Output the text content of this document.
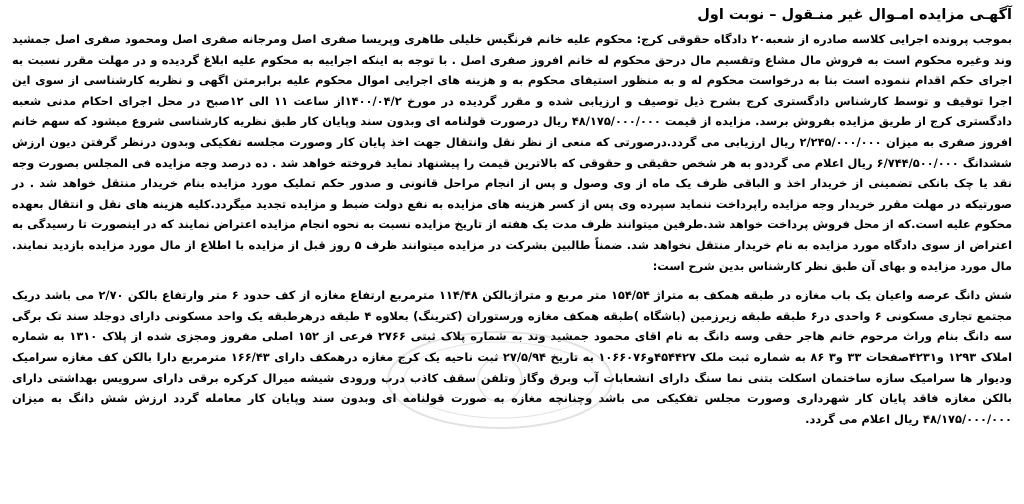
آگهـی مزایده امـوال غیر منـقول – نوبت اول

بموجب پرونده اجرایی کلاسه صادره از شعبه۲۰ دادگاه حقوقی کرج: محکوم علیه خانم فرنگیس خلیلی طاهری وپریسا صفری اصل ومرجانه صفری اصل ومحمود صفری اصل جمشید وند وغیره محکوم است به فروش مال مشاع وتقسیم مال درحق محکوم له خانم افروز صفری اصل . با توجه به اینکه اجراییه به محکوم علیه ابلاغ گردیده و در مهلت مقرر نسبت به اجرای حکم اقدام ننموده است بنا به درخواست محکوم له و به منظور استیفای محکوم به و هزینه های اجرایی اموال محکوم علیه برابرمتن اگهی و نظریه کارشناسی از سوی این اجرا توقیف و توسط کارشناس دادگستری کرج بشرح ذیل توصیف و ارزیابی شده و مقرر گردیده در مورخ ۱۴۰۰/۰۴/۲از ساعت ۱۱ الی ۱۲صبح در محل اجرای احکام مدنی شعبه دادگستری کرج از طریق مزایده بفروش برسد. مزایده از قیمت ۴۸/۱۷۵/۰۰۰/۰۰۰ ریال درصورت قولنامه ای وبدون سند وپایان کار طبق نظریه کارشناسی شروع میشود که سهم خانم افروز صفری به میزان ۲/۲۴۵/۰۰۰/۰۰۰ ریال ارزیابی می گردد.درصورتی که منعی از نظر نقل وانتقال جهت اخذ پایان کار وصورت مجلسه تفکیکی وبدون درنظر گرفتن دیون ارزش ششدانگ ۶/۷۴۴/۵۰۰/۰۰۰ ریال اعلام می گرددو به هر شخص حقیقی و حقوقی که بالاترین قیمت را پیشنهاد نماید فروخته خواهد شد . ده درصد وجه مزایده فی المجلس بصورت وجه نقد یا چک بانکی تضمینی از خریدار اخذ و الباقی ظرف یک ماه از وی وصول و پس از انجام مراحل قانونی و صدور حکم تملیک مورد مزایده بنام خریدار منتقل خواهد شد . در صورتیکه در مهلت مقرر خریدار وجه مزایده راپرداخت ننماید سپرده وی پس از کسر هزینه های مزایده به نفع دولت ضبط و مزایده تجدید میگردد.کلیه هزینه های نقل و انتقال بعهده محکوم علیه است.که از محل فروش پرداخت خواهد شد.طرفین میتوانند ظرف مدت یک هفته از تاریخ مزایده نسبت به نحوه انجام مزایده اعتراض نمایند که در اینصورت تا رسیدگی به اعتراض از سوی دادگاه مورد مزایده به نام خریدار منتقل نخواهد شد. ضمناً طالبین بشرکت در مزایده میتوانند ظرف ۵ روز قبل از مزایده با اطلاع از مال مورد مزایده بازدید نمایند. مال مورد مزایده و بهای آن طبق نظر کارشناس بدین شرح است:

شش دانگ عرصه واعیان یک باب مغازه در طبقه همکف به متراژ ۱۵۴/۵۴ متر مربع و متراژبالکن ۱۱۴/۴۸ مترمربع ارتفاع مغازه از کف حدود ۶ متر وارتفاع بالکن ۲/۷۰ می باشد دریک مجتمع تجاری مسکونی ۶ واحدی در۶ طبقه طبقه زیرزمین (باشگاه )طبقه همکف مغازه ورستوران (کترینگ) بعلاوه ۴ طبقه درهرطبقه یک واحد مسکونی دارای دوجلد سند تک برگی سه دانگ بنام وراث مرحوم خانم هاجر حقی وسه دانگ به نام اقای محمود جمشید وند به شماره پلاک ثبتی ۲۷۶۶ فرعی از ۱۵۲ اصلی مفروز ومجزی شده از پلاک ۱۳۱۰ به شماره املاک ۱۲۹۳ و۴۲۳۱صفحات ۳۳ و۳ ۸۶ به شماره ثبت ملک ۴۵۴۴۲۷و۱۰۶۶۰۷۶ به تاریخ ۲۷/۵/۹۴ ثبت ناحیه یک کرج مغازه درهمکف دارای ۱۶۶/۴۳ مترمربع دارا بالکن کف مغازه سرامیک ودیوار ها سرامیک سازه ساختمان اسکلت بتنی نما سنگ دارای انشعابات آب وبرق وگاز وتلفن سقف کاذب درب ورودی شیشه میرال کرکره برقی دارای سرویس بهداشتی دارای بالکن مغازه فاقد پایان کار شهرداری وصورت مجلس تفکیکی می باشد وچنانچه مغازه به صورت قولنامه ای وبدون سند وپایان کار معامله گردد ارزش شش دانگ به میزان ۴۸/۱۷۵/۰۰۰/۰۰۰ ریال اعلام می گردد.
